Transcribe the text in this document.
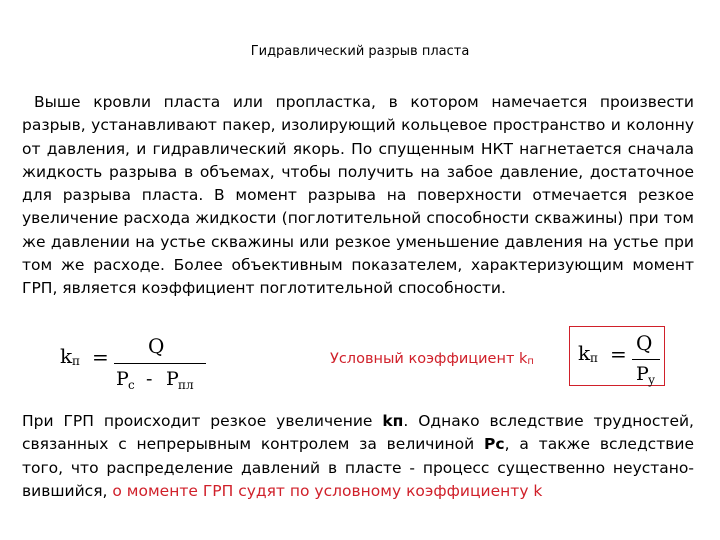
Гидравлический разрыв пласта

Выше кровли пласта или пропластка, в котором намечается произвести разрыв, устанавливают пакер, изолирующий кольцевое пространство и колонну от давления, и гидравлический якорь. По спущенным НКТ нагнетается сначала жидкость разрыва в объемах, чтобы получить на забое давление, достаточное для разрыва пласта. В момент разрыва на поверхности отмечается резкое увеличение расхода жидкости (поглотительной способности скважины) при том же давлении на устье скважины или резкое уменьшение давления на устье при том же расходе. Более объективным показателем, характеризующим момент ГРП, является коэффициент поглотительной способности.

k п = Q
P с - P пл
Условный коэффициент $k_п$ k п = Q
P у

При ГРП происходит резкое увеличение kп. Однако вследствие трудностей, связанных с непрерывным контролем за величиной Pс, а также вследствие того, что распределение давлений в пласте - процесс существенно неустано-вившийся, о моменте ГРП судят по условному коэффициенту k
